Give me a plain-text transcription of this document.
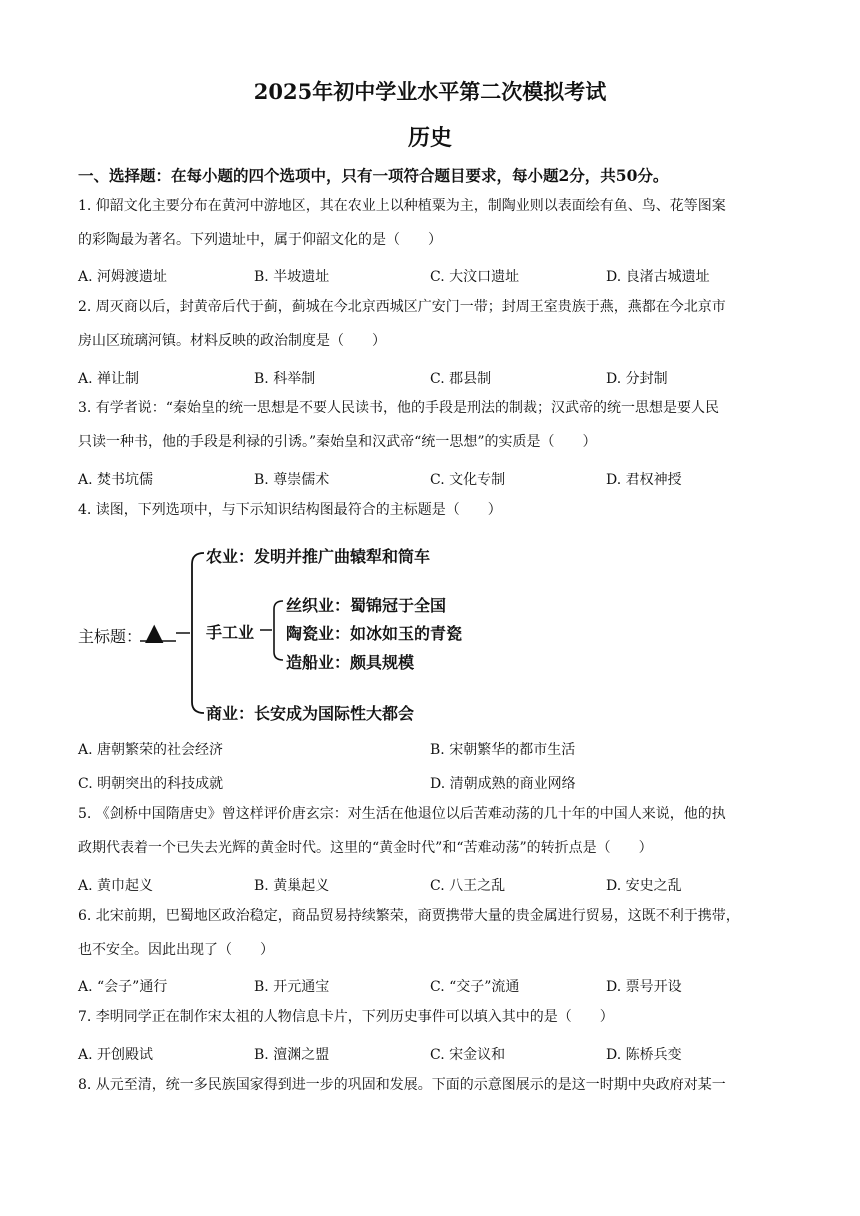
2025年初中学业水平第二次模拟考试
历史
一、选择题：在每小题的四个选项中，只有一项符合题目要求，每小题2分，共50分。
1. 仰韶文化主要分布在黄河中游地区，其在农业上以种植粟为主，制陶业则以表面绘有鱼、鸟、花等图案
的彩陶最为著名。下列遗址中，属于仰韶文化的是（　　）
A. 河姆渡遗址	B. 半坡遗址	C. 大汶口遗址	D. 良渚古城遗址
2. 周灭商以后，封黄帝后代于蓟，蓟城在今北京西城区广安门一带；封周王室贵族于燕，燕都在今北京市
房山区琉璃河镇。材料反映的政治制度是（　　）
A. 禅让制	B. 科举制	C. 郡县制	D. 分封制
3. 有学者说：“秦始皇的统一思想是不要人民读书，他的手段是刑法的制裁；汉武帝的统一思想是要人民
只读一种书，他的手段是利禄的引诱。”秦始皇和汉武帝“统一思想”的实质是（　　）
A. 焚书坑儒	B. 尊崇儒术	C. 文化专制	D. 君权神授
4. 读图，下列选项中，与下示知识结构图最符合的主标题是（　　）
主标题： ▲
农业：发明并推广曲辕犁和筒车
手工业
丝织业：蜀锦冠于全国
陶瓷业：如冰如玉的青瓷
造船业：颇具规模
商业：长安成为国际性大都会
A. 唐朝繁荣的社会经济	B. 宋朝繁华的都市生活
C. 明朝突出的科技成就	D. 清朝成熟的商业网络
5. 《剑桥中国隋唐史》曾这样评价唐玄宗：对生活在他退位以后苦难动荡的几十年的中国人来说，他的执
政期代表着一个已失去光辉的黄金时代。这里的“黄金时代”和“苦难动荡”的转折点是（　　）
A. 黄巾起义	B. 黄巢起义	C. 八王之乱	D. 安史之乱
6. 北宋前期，巴蜀地区政治稳定，商品贸易持续繁荣，商贾携带大量的贵金属进行贸易，这既不利于携带，
也不安全。因此出现了（　　）
A. “会子”通行	B. 开元通宝	C. “交子”流通	D. 票号开设
7. 李明同学正在制作宋太祖的人物信息卡片，下列历史事件可以填入其中的是（　　）
A. 开创殿试	B. 澶渊之盟	C. 宋金议和	D. 陈桥兵变
8. 从元至清，统一多民族国家得到进一步的巩固和发展。下面的示意图展示的是这一时期中央政府对某一
